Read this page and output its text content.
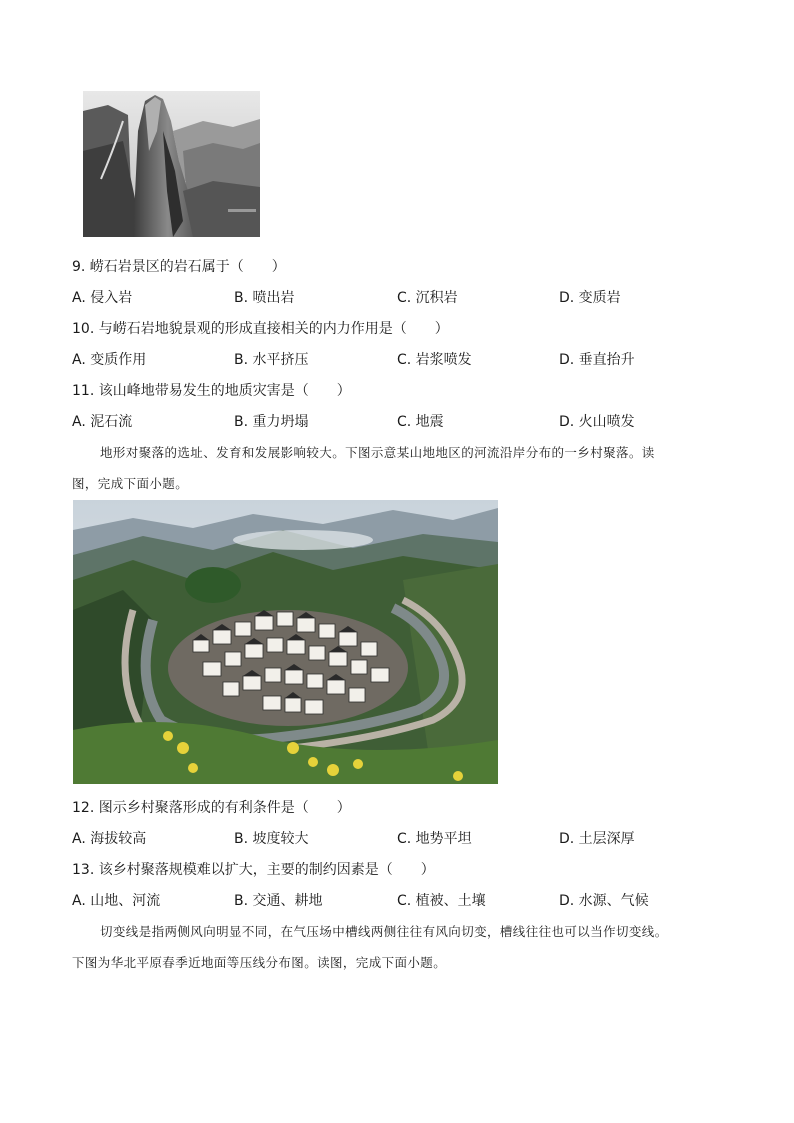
9. 崂石岩景区的岩石属于（　　）
A. 侵入岩	B. 喷出岩	C. 沉积岩	D. 变质岩
10. 与崂石岩地貌景观的形成直接相关的内力作用是（　　）
A. 变质作用	B. 水平挤压	C. 岩浆喷发	D. 垂直抬升
11. 该山峰地带易发生的地质灾害是（　　）
A. 泥石流	B. 重力坍塌	C. 地震	D. 火山喷发
地形对聚落的选址、发育和发展影响较大。下图示意某山地地区的河流沿岸分布的一乡村聚落。读
图，完成下面小题。
12. 图示乡村聚落形成的有利条件是（　　）
A. 海拔较高	B. 坡度较大	C. 地势平坦	D. 土层深厚
13. 该乡村聚落规模难以扩大，主要的制约因素是（　　）
A. 山地、河流	B. 交通、耕地	C. 植被、土壤	D. 水源、气候
切变线是指两侧风向明显不同，在气压场中槽线两侧往往有风向切变，槽线往往也可以当作切变线。
下图为华北平原春季近地面等压线分布图。读图，完成下面小题。
